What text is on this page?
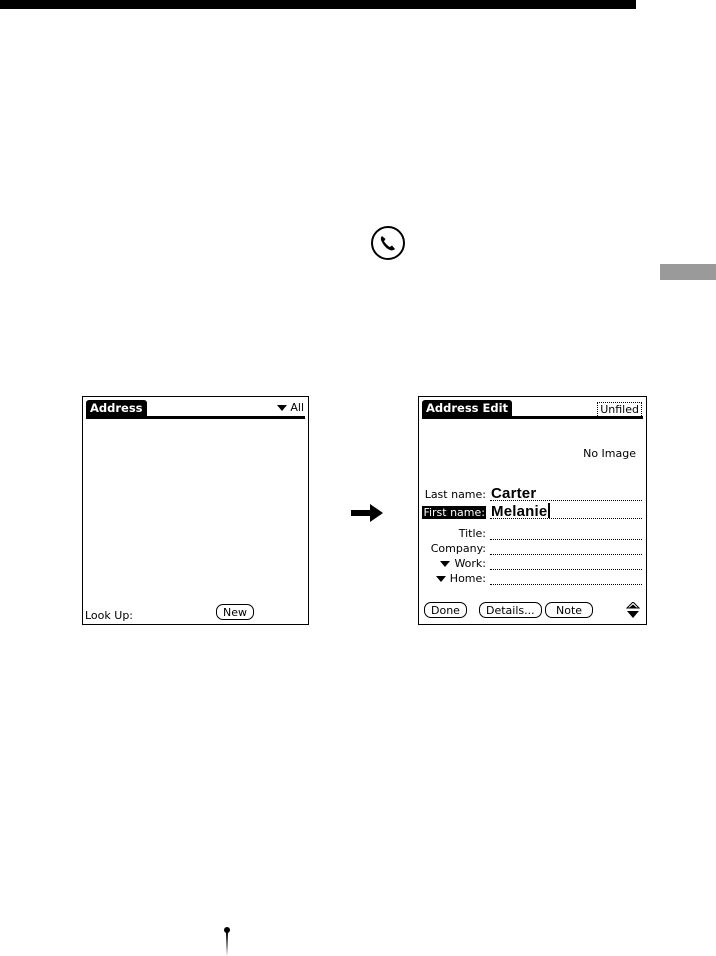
Address	All
Look Up:	New
Address Edit	Unfiled
No Image
Last name: Carter
First name: Melanie
Title:
Company:
Work:
Home:
Done	Details...	Note
